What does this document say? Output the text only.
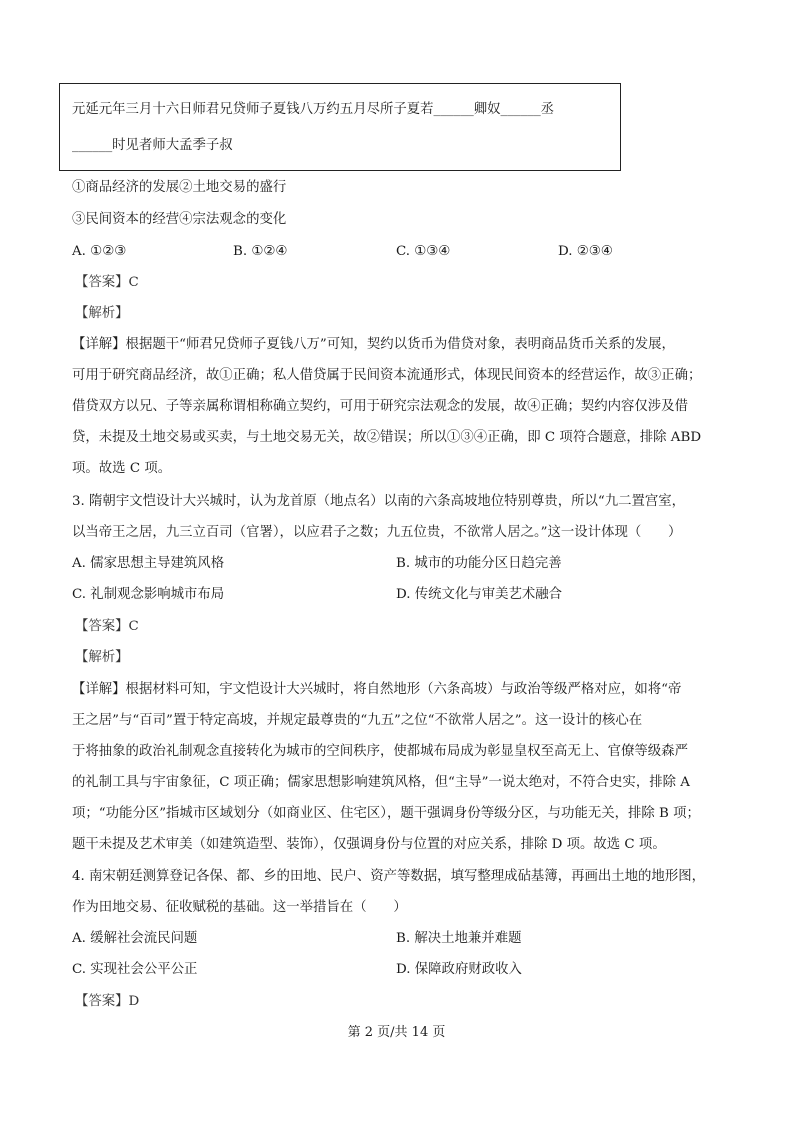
元延元年三月十六日师君兄贷师子夏钱八万约五月尽所子夏若______卿奴______丞
______时见者师大孟季子叔
①商品经济的发展②土地交易的盛行
③民间资本的经营④宗法观念的变化
A. ①②③	B. ①②④	C. ①③④	D. ②③④
【答案】C
【解析】
【详解】根据题干“师君兄贷师子夏钱八万”可知，契约以货币为借贷对象，表明商品货币关系的发展，
可用于研究商品经济，故①正确；私人借贷属于民间资本流通形式，体现民间资本的经营运作，故③正确；
借贷双方以兄、子等亲属称谓相称确立契约，可用于研究宗法观念的发展，故④正确；契约内容仅涉及借
贷，未提及土地交易或买卖，与土地交易无关，故②错误；所以①③④正确，即 C 项符合题意，排除 ABD
项。故选 C 项。
3. 隋朝宇文恺设计大兴城时，认为龙首原（地点名）以南的六条高坡地位特别尊贵，所以“九二置宫室，
以当帝王之居，九三立百司（官署），以应君子之数；九五位贵，不欲常人居之。”这一设计体现（　　）
A. 儒家思想主导建筑风格	B. 城市的功能分区日趋完善
C. 礼制观念影响城市布局	D. 传统文化与审美艺术融合
【答案】C
【解析】
【详解】根据材料可知，宇文恺设计大兴城时，将自然地形（六条高坡）与政治等级严格对应，如将“帝
王之居”与“百司”置于特定高坡，并规定最尊贵的“九五”之位“不欲常人居之”。这一设计的核心在
于将抽象的政治礼制观念直接转化为城市的空间秩序，使都城布局成为彰显皇权至高无上、官僚等级森严
的礼制工具与宇宙象征，C 项正确；儒家思想影响建筑风格，但“主导”一说太绝对，不符合史实，排除 A
项；“功能分区”指城市区域划分（如商业区、住宅区），题干强调身份等级分区，与功能无关，排除 B 项；
题干未提及艺术审美（如建筑造型、装饰），仅强调身份与位置的对应关系，排除 D 项。故选 C 项。
4. 南宋朝廷测算登记各保、都、乡的田地、民户、资产等数据，填写整理成砧基簿，再画出土地的地形图，
作为田地交易、征收赋税的基础。这一举措旨在（　　）
A. 缓解社会流民问题	B. 解决土地兼并难题
C. 实现社会公平公正	D. 保障政府财政收入
【答案】D
第 2 页/共 14 页
